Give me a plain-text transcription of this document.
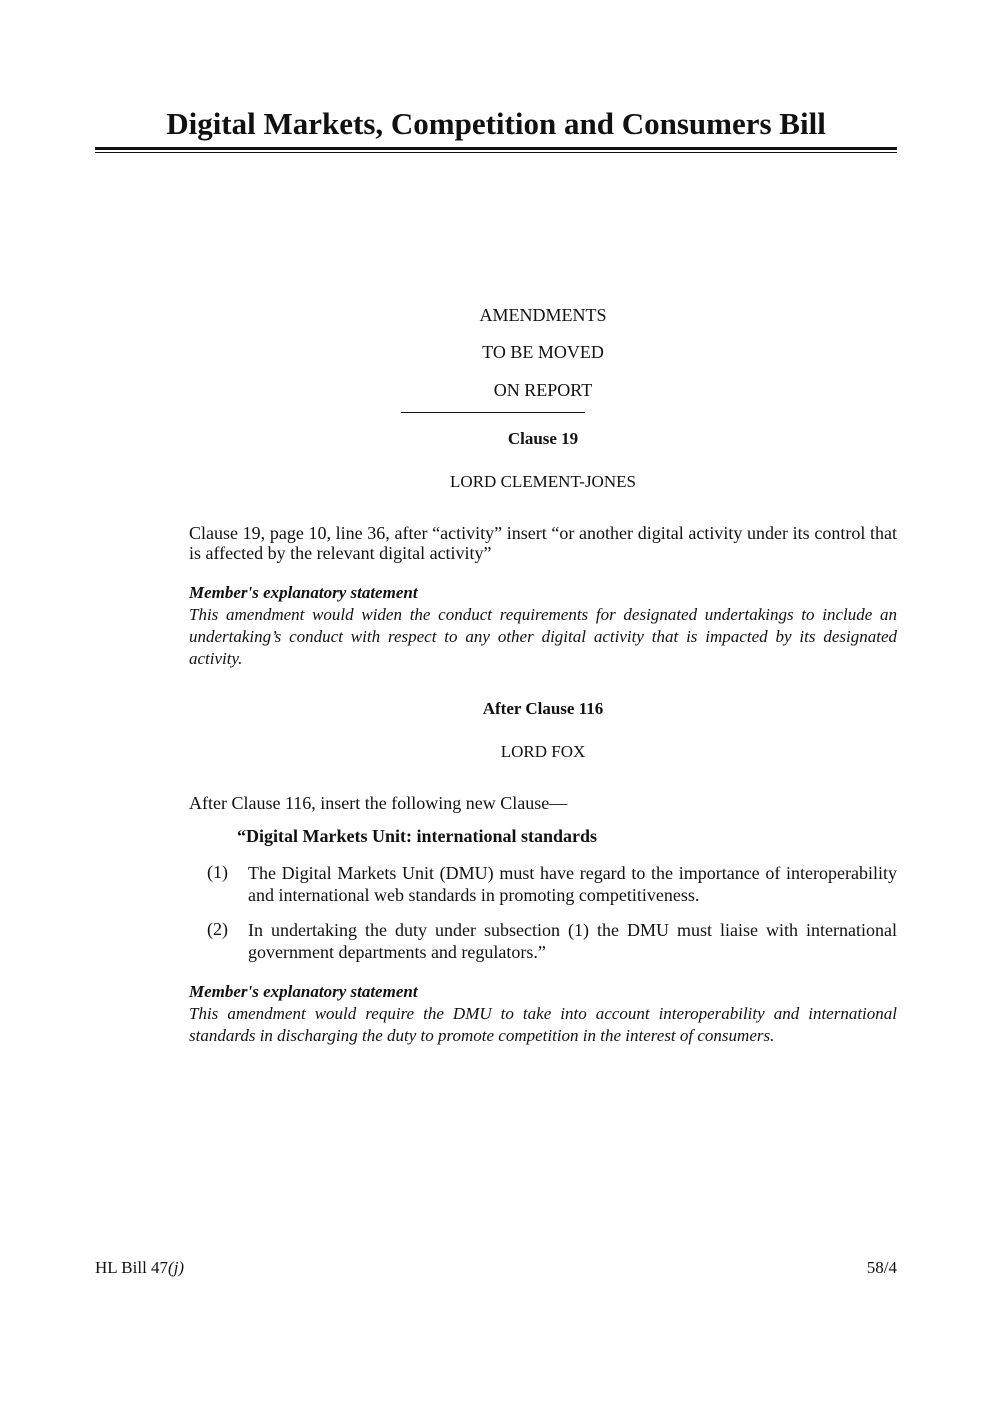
Digital Markets, Competition and Consumers Bill
AMENDMENTS
TO BE MOVED
ON REPORT
Clause 19
LORD CLEMENT-JONES
Clause 19, page 10, line 36, after “activity” insert “or another digital activity under its control that is affected by the relevant digital activity”
Member's explanatory statement
This amendment would widen the conduct requirements for designated undertakings to include an undertaking’s conduct with respect to any other digital activity that is impacted by its designated activity.
After Clause 116
LORD FOX
After Clause 116, insert the following new Clause—
“Digital Markets Unit: international standards
(1) The Digital Markets Unit (DMU) must have regard to the importance of interoperability and international web standards in promoting competitiveness.
(2) In undertaking the duty under subsection (1) the DMU must liaise with international government departments and regulators.”
Member's explanatory statement
This amendment would require the DMU to take into account interoperability and international standards in discharging the duty to promote competition in the interest of consumers.
HL Bill 47(j)	58/4
